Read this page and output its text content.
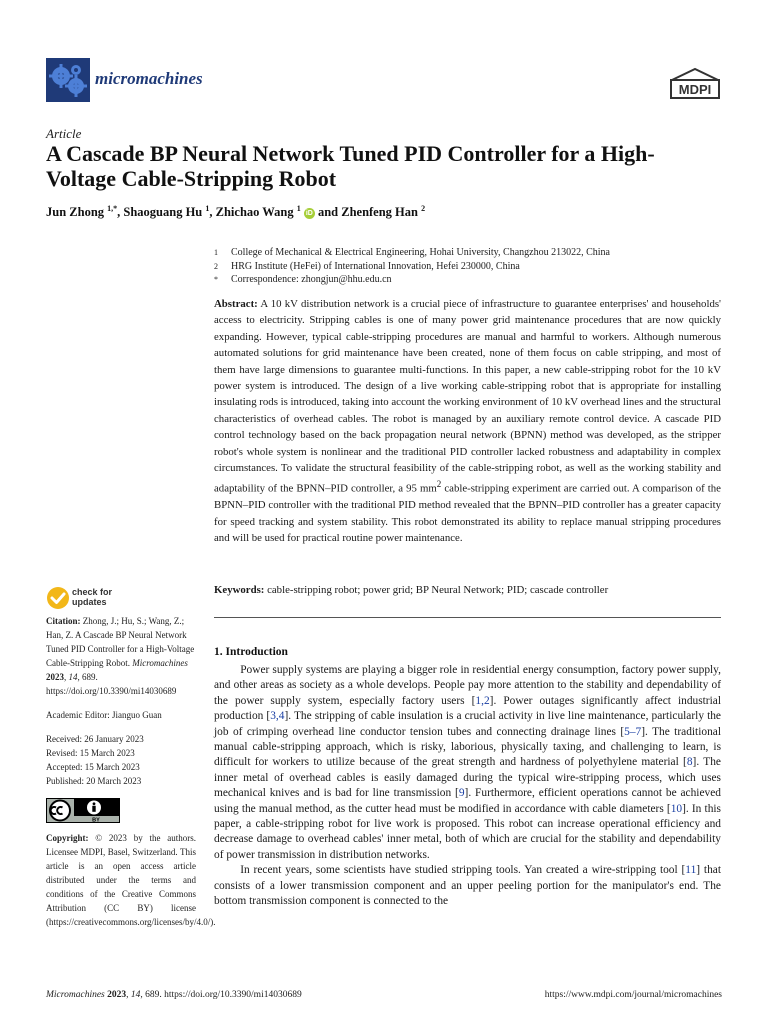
micromachines
MDPI
Article
A Cascade BP Neural Network Tuned PID Controller for a High-Voltage Cable-Stripping Robot
Jun Zhong $^{1,*}$, Shaoguang Hu $^1$, Zhichao Wang $^1$ iD and Zhenfeng Han $^2$
1	College of Mechanical & Electrical Engineering, Hohai University, Changzhou 213022, China
2	HRG Institute (HeFei) of International Innovation, Hefei 230000, China
*	Correspondence: zhongjun@hhu.edu.cn
Abstract: A 10 kV distribution network is a crucial piece of infrastructure to guarantee enterprises' and households' access to electricity. Stripping cables is one of many power grid maintenance procedures that are now quickly expanding. However, typical cable-stripping procedures are manual and harmful to workers. Although numerous automated solutions for grid maintenance have been created, none of them focus on cable stripping, and most of them have large dimensions to guarantee multi-functions. In this paper, a new cable-stripping robot for the 10 kV power system is introduced. The design of a live working cable-stripping robot that is appropriate for installing insulating rods is introduced, taking into account the working environment of 10 kV overhead lines and the structural characteristics of overhead cables. The robot is managed by an auxiliary remote control device. A cascade PID control technology based on the back propagation neural network (BPNN) method was developed, as the stripper robot's whole system is nonlinear and the traditional PID controller lacked robustness and adaptability in complex circumstances. To validate the structural feasibility of the cable-stripping robot, as well as the working stability and adaptability of the BPNN–PID controller, a 95 $mm^2$ cable-stripping experiment are carried out. A comparison of the BPNN–PID controller with the traditional PID method revealed that the BPNN–PID controller has a greater capacity for speed tracking and system stability. This robot demonstrated its ability to replace manual stripping procedures and will be used for practical routine power maintenance.
Keywords: cable-stripping robot; power grid; BP Neural Network; PID; cascade controller
check for
updates
Citation: Zhong, J.; Hu, S.; Wang, Z.; Han, Z. A Cascade BP Neural Network Tuned PID Controller for a High-Voltage Cable-Stripping Robot. Micromachines 2023, 14, 689. https://doi.org/10.3390/mi14030689
Academic Editor: Jianguo Guan
Received: 26 January 2023
Revised: 15 March 2023
Accepted: 15 March 2023
Published: 20 March 2023
BY
Copyright: © 2023 by the authors. Licensee MDPI, Basel, Switzerland. This article is an open access article distributed under the terms and conditions of the Creative Commons Attribution (CC BY) license (https://creativecommons.org/licenses/by/4.0/).
1. Introduction

Power supply systems are playing a bigger role in residential energy consumption, factory power supply, and other areas as society as a whole develops. People pay more attention to the stability and dependability of the power supply system, especially factory users [1,2]. Power outages significantly affect industrial production [3,4]. The stripping of cable insulation is a crucial activity in live line maintenance, particularly the job of crimping overhead line conductor tension tubes and connecting drainage lines [5–7]. The traditional manual cable-stripping approach, which is risky, laborious, physically taxing, and challenging to learn, is difficult for workers to utilize because of the great strength and hardness of polyethylene material [8]. The inner metal of overhead cables is easily damaged during the typical wire-stripping process, which uses mechanical knives and is bad for line transmission [9]. Furthermore, efficient operations cannot be achieved using the manual method, as the cutter head must be modified in accordance with cable diameters [10]. In this paper, a cable-stripping robot for live work is proposed. This robot can increase operational efficiency and decrease damage to overhead cables' inner metal, both of which are crucial for the stability and dependability of power transmission in distribution networks.

In recent years, some scientists have studied stripping tools. Yan created a wire-stripping tool [11] that consists of a lower transmission component and an upper peeling portion for the manipulator's end. The bottom transmission component is connected to the

Micromachines 2023, 14, 689. https://doi.org/10.3390/mi14030689	https://www.mdpi.com/journal/micromachines
